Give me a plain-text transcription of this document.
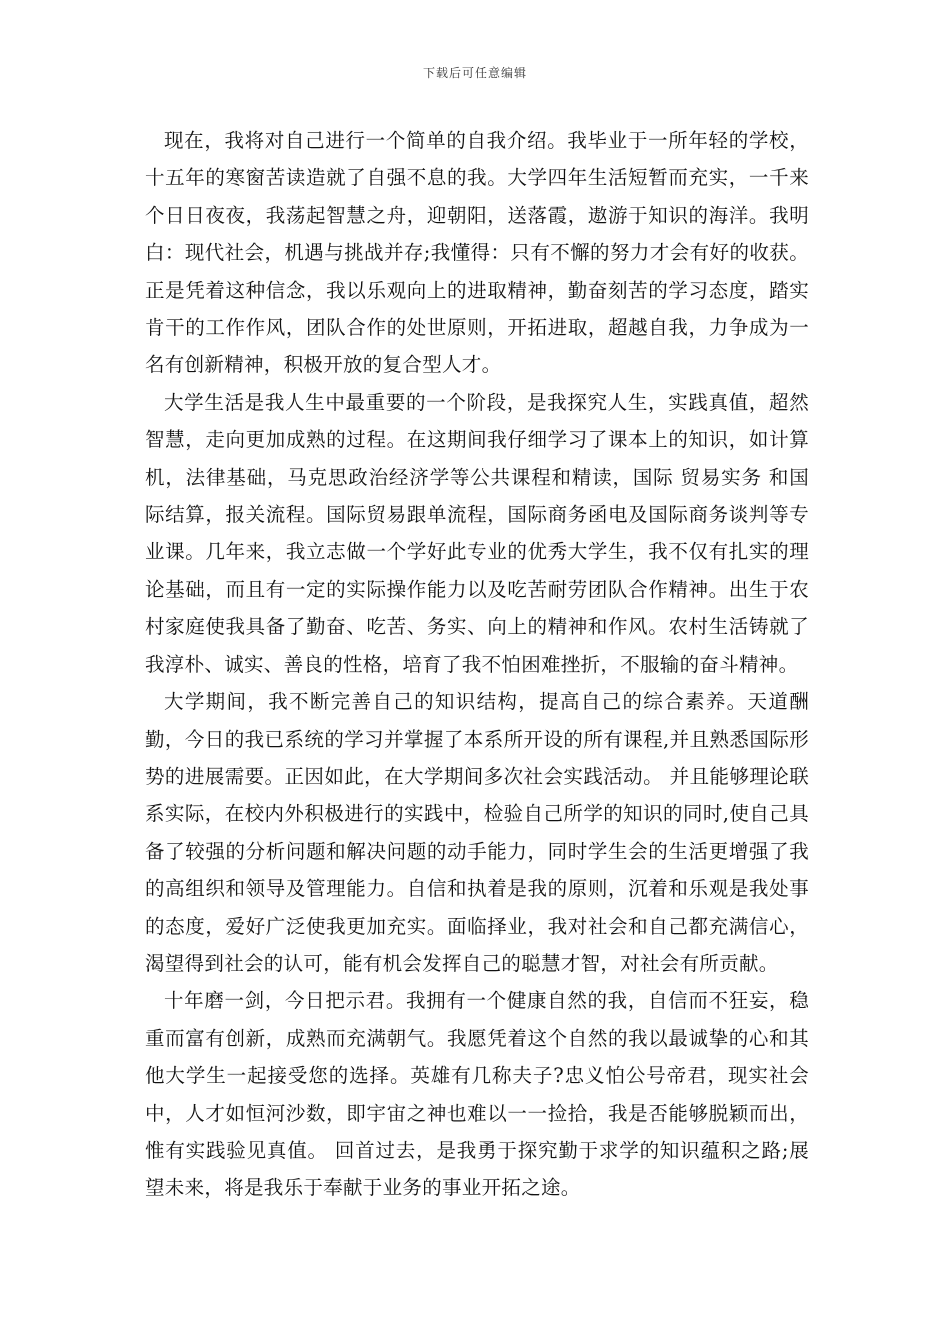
下载后可任意编辑

现在，我将对自己进行一个简单的自我介绍。我毕业于一所年轻的学校，十五年的寒窗苦读造就了自强不息的我。大学四年生活短暂而充实，一千来个日日夜夜，我荡起智慧之舟，迎朝阳，送落霞，遨游于知识的海洋。我明白：现代社会，机遇与挑战并存;我懂得：只有不懈的努力才会有好的收获。正是凭着这种信念，我以乐观向上的进取精神，勤奋刻苦的学习态度，踏实肯干的工作作风，团队合作的处世原则，开拓进取，超越自我，力争成为一名有创新精神，积极开放的复合型人才。

大学生活是我人生中最重要的一个阶段，是我探究人生，实践真值，超然智慧，走向更加成熟的过程。在这期间我仔细学习了课本上的知识，如计算机，法律基础，马克思政治经济学等公共课程和精读，国际 贸易实务 和国际结算，报关流程。国际贸易跟单流程，国际商务函电及国际商务谈判等专业课。几年来，我立志做一个学好此专业的优秀大学生，我不仅有扎实的理论基础，而且有一定的实际操作能力以及吃苦耐劳团队合作精神。出生于农村家庭使我具备了勤奋、吃苦、务实、向上的精神和作风。农村生活铸就了我淳朴、诚实、善良的性格，培育了我不怕困难挫折，不服输的奋斗精神。

大学期间，我不断完善自己的知识结构，提高自己的综合素养。天道酬勤，今日的我已系统的学习并掌握了本系所开设的所有课程,并且熟悉国际形势的进展需要。正因如此，在大学期间多次社会实践活动。 并且能够理论联系实际，在校内外积极进行的实践中，检验自己所学的知识的同时,使自己具备了较强的分析问题和解决问题的动手能力，同时学生会的生活更增强了我的高组织和领导及管理能力。自信和执着是我的原则，沉着和乐观是我处事的态度，爱好广泛使我更加充实。面临择业，我对社会和自己都充满信心，渴望得到社会的认可，能有机会发挥自己的聪慧才智，对社会有所贡献。

十年磨一剑，今日把示君。我拥有一个健康自然的我，自信而不狂妄，稳重而富有创新，成熟而充满朝气。我愿凭着这个自然的我以最诚挚的心和其他大学生一起接受您的选择。英雄有几称夫子?忠义怕公号帝君，现实社会中，人才如恒河沙数，即宇宙之神也难以一一捡拾，我是否能够脱颖而出，惟有实践验见真值。 回首过去，是我勇于探究勤于求学的知识蕴积之路;展望未来，将是我乐于奉献于业务的事业开拓之途。
